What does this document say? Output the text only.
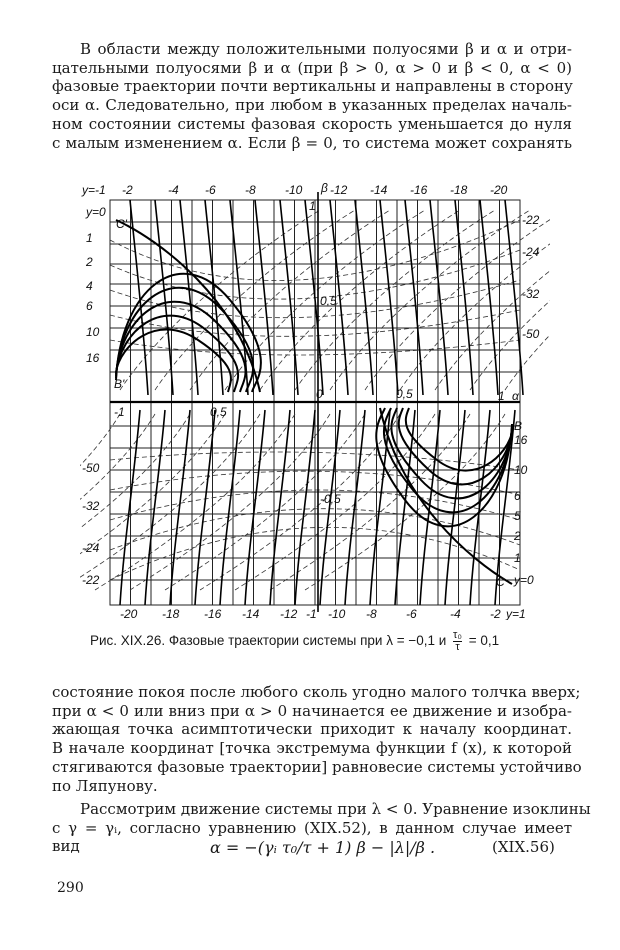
В области между положительными полуосями β и α и отри-
цательными полуосями β и α (при β > 0, α > 0 и β < 0, α < 0)
фазовые траектории почти вертикальны и направлены в сторону
оси α. Следовательно, при любом в указанных пределах началь-
ном состоянии системы фазовая скорость уменьшается до нуля
с малым изменением α. Если β = 0, то система может сохранять
y=-1 -2	-4 -6 -8 -10 -12 -14 -16 -18 -20
y=0
1
2
4
6
10
16
-22
-24
-32
-50
-50
-32
-24
-22
16
10
6
5
2
1
y=0
-20 -18 -16 -14 -12 -1 -10 -8 -6	-4 -2 y=1
β
1
0,5
-0,5
α
0	0,5	1
0,5
-1
C'
B'
B
C
Рис. XIX.26. Фазовые траектории системы при λ = −0,1 и $\frac{\text{τ₀}}{\tau} = 0,1$
состояние покоя после любого сколь угодно малого толчка вверх;
при α < 0 или вниз при α > 0 начинается ее движение и изобра-
жающая точка асимптотически приходит к началу координат.
В начале координат [точка экстремума функции f (x), к которой
стягиваются фазовые траектории] равновесие системы устойчиво
по Ляпунову.
Рассмотрим движение системы при λ < 0. Уравнение изоклины
с γ = γᵢ, согласно уравнению (XIX.52), в данном случае имеет
вид	α = −(γᵢ τ₀/τ + 1) β − |λ|/β .	(XIX.56)
290
